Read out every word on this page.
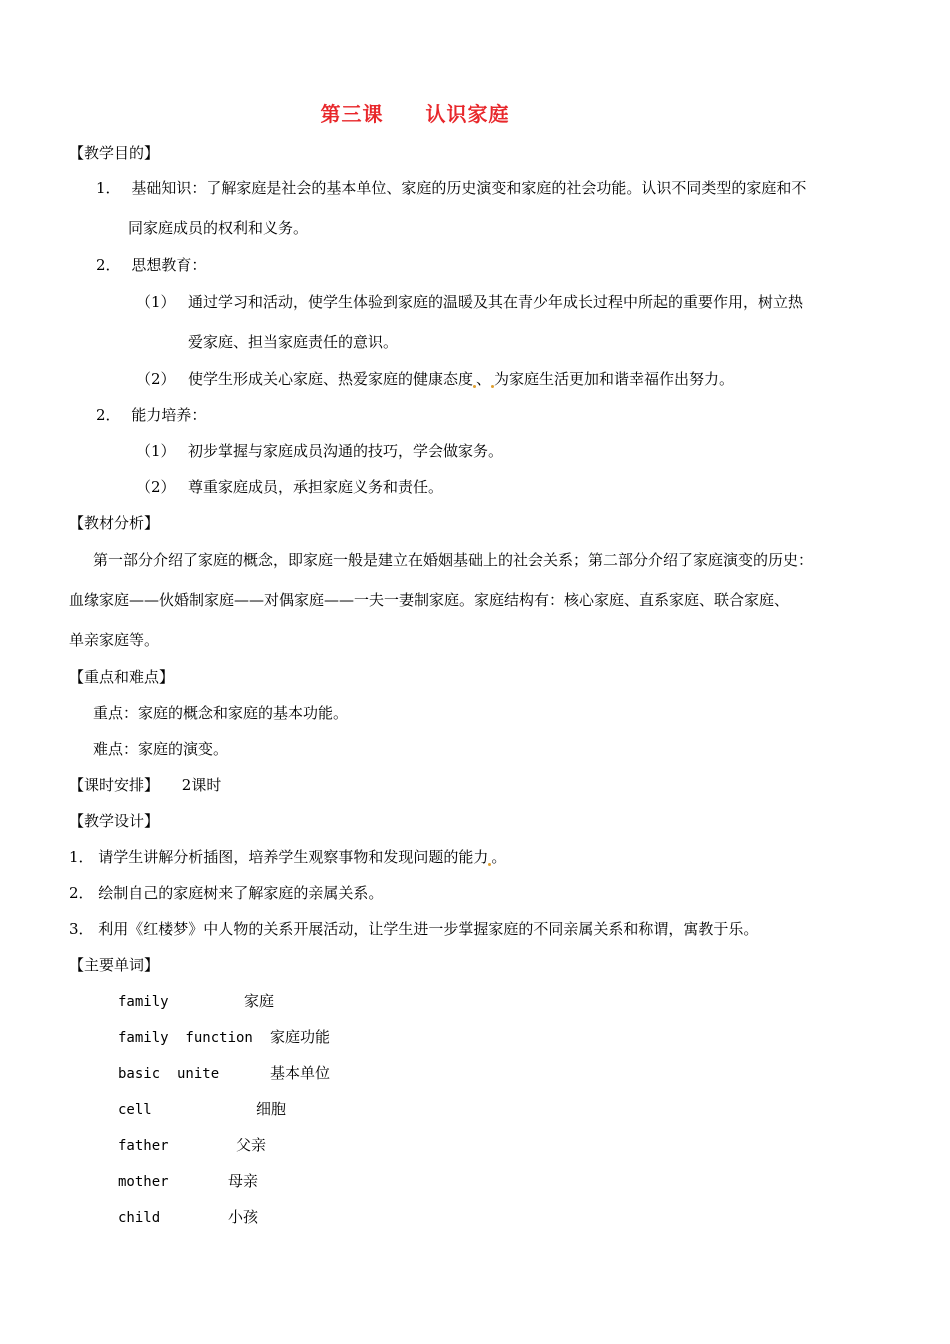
第三课 认识家庭
【教学目的】
1． 基础知识：了解家庭是社会的基本单位、家庭的历史演变和家庭的社会功能。认识不同类型的家庭和不
同家庭成员的权利和义务。
2． 思想教育：
（1） 通过学习和活动，使学生体验到家庭的温暖及其在青少年成长过程中所起的重要作用，树立热
爱家庭、担当家庭责任的意识。
（2） 使学生形成关心家庭、热爱家庭的健康态度 、 为家庭生活更加和谐幸福作出努力。
2． 能力培养：
（1） 初步掌握与家庭成员沟通的技巧，学会做家务。
（2） 尊重家庭成员，承担家庭义务和责任。
【教材分析】
第一部分介绍了家庭的概念，即家庭一般是建立在婚姻基础上的社会关系；第二部分介绍了家庭演变的历史：
血缘家庭——伙婚制家庭——对偶家庭——一夫一妻制家庭。家庭结构有：核心家庭、直系家庭、联合家庭、
单亲家庭等。
【重点和难点】
重点：家庭的概念和家庭的基本功能。
难点：家庭的演变。
【课时安排】 2课时
【教学设计】
1． 请学生讲解分析插图，培养学生观察事物和发现问题的能力 。
2． 绘制自己的家庭树来了解家庭的亲属关系。
3． 利用《红楼梦》中人物的关系开展活动，让学生进一步掌握家庭的不同亲属关系和称谓，寓教于乐。
【主要单词】
family	家庭
family  function 家庭功能
basic  unite	基本单位
cell	细胞
father	父亲
mother	母亲
child	小孩
